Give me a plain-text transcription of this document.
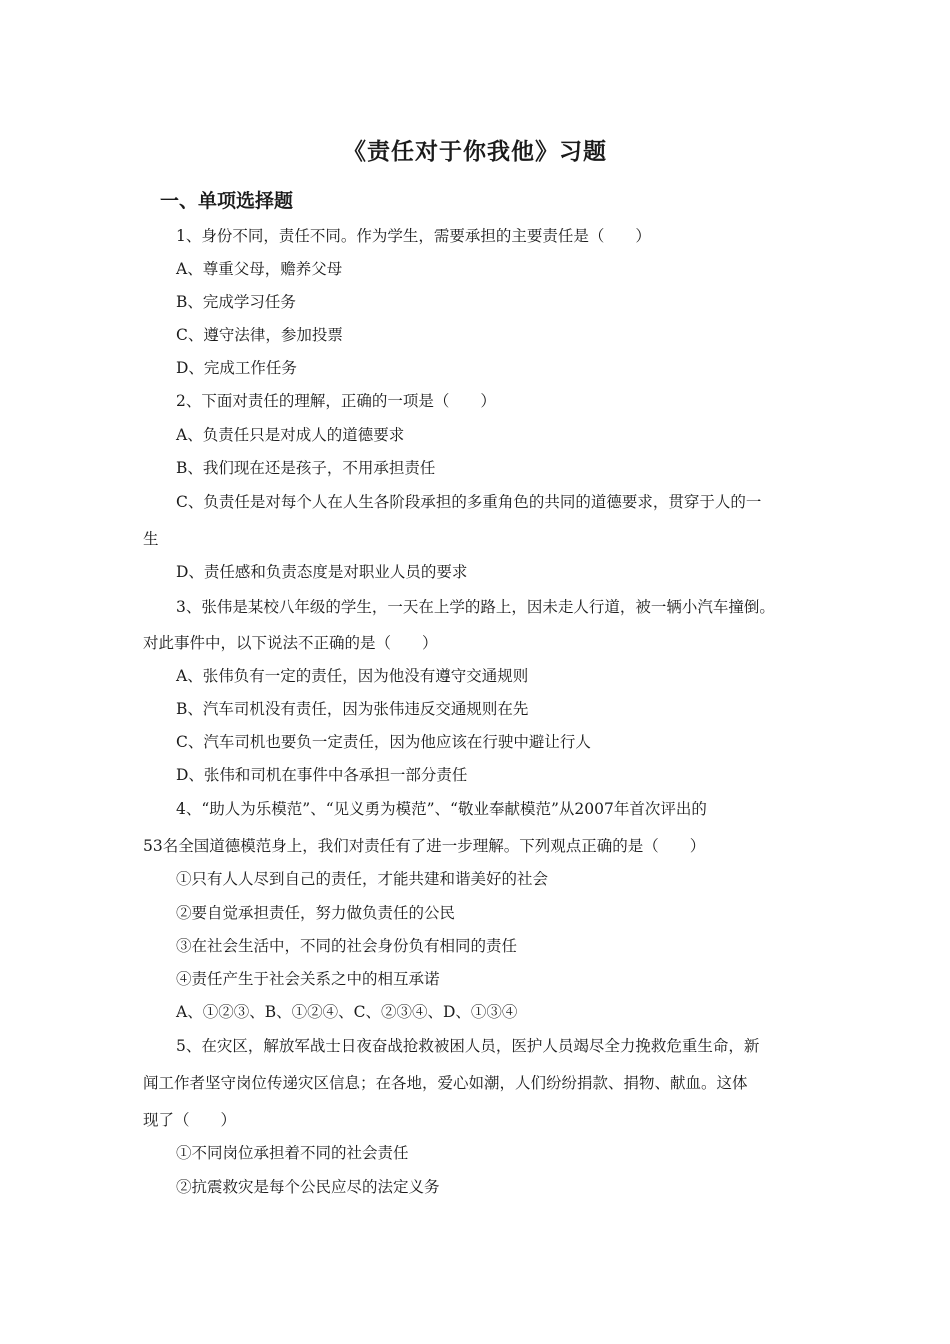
《责任对于你我他》习题
一、单项选择题
1、身份不同，责任不同。作为学生，需要承担的主要责任是（　　）
A、尊重父母，赡养父母
B、完成学习任务
C、遵守法律，参加投票
D、完成工作任务
2、下面对责任的理解，正确的一项是（　　）
A、负责任只是对成人的道德要求
B、我们现在还是孩子，不用承担责任
C、负责任是对每个人在人生各阶段承担的多重角色的共同的道德要求，贯穿于人的一
生
D、责任感和负责态度是对职业人员的要求
3、张伟是某校八年级的学生，一天在上学的路上，因未走人行道，被一辆小汽车撞倒。
对此事件中，以下说法不正确的是（　　）
A、张伟负有一定的责任，因为他没有遵守交通规则
B、汽车司机没有责任，因为张伟违反交通规则在先
C、汽车司机也要负一定责任，因为他应该在行驶中避让行人
D、张伟和司机在事件中各承担一部分责任
4、“助人为乐模范”、“见义勇为模范”、“敬业奉献模范”从2007年首次评出的
53名全国道德模范身上，我们对责任有了进一步理解。下列观点正确的是（　　）
①只有人人尽到自己的责任，才能共建和谐美好的社会
②要自觉承担责任，努力做负责任的公民
③在社会生活中，不同的社会身份负有相同的责任
④责任产生于社会关系之中的相互承诺
A、①②③、B、①②④、C、②③④、D、①③④
5、在灾区，解放军战士日夜奋战抢救被困人员，医护人员竭尽全力挽救危重生命，新
闻工作者坚守岗位传递灾区信息；在各地，爱心如潮，人们纷纷捐款、捐物、献血。这体
现了（　　）
①不同岗位承担着不同的社会责任
②抗震救灾是每个公民应尽的法定义务
